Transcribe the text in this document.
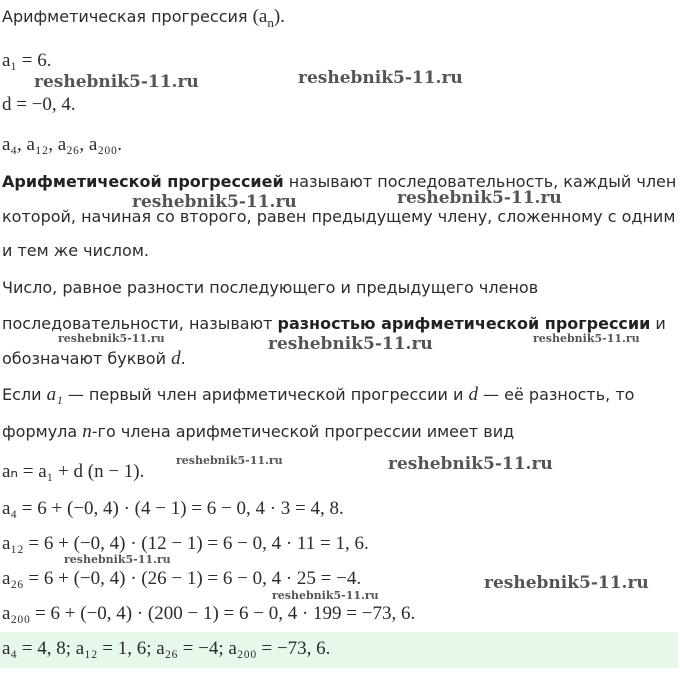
Арифметическая прогрессия $(a_n)$.
a₁ = 6.
d = −0, 4.
a₄, a₁₂, a₂₆, a₂₀₀.
Арифметической прогрессией называют последовательность, каждый член
которой, начиная со второго, равен предыдущему члену, сложенному с одним
и тем же числом.
Число, равное разности последующего и предыдущего членов
последовательности, называют разностью арифметической прогрессии и
обозначают буквой d.
Если a₁ — первый член арифметической прогрессии и d — её разность, то
формула n-го члена арифметической прогрессии имеет вид
aₙ = a₁ + d (n − 1).
a₄ = 6 + (−0, 4) · (4 − 1) = 6 − 0, 4 · 3 = 4, 8.
a₁₂ = 6 + (−0, 4) · (12 − 1) = 6 − 0, 4 · 11 = 1, 6.
a₂₆ = 6 + (−0, 4) · (26 − 1) = 6 − 0, 4 · 25 = −4.
a₂₀₀ = 6 + (−0, 4) · (200 − 1) = 6 − 0, 4 · 199 = −73, 6.
a₄ = 4, 8; a₁₂ = 1, 6; a₂₆ = −4; a₂₀₀ = −73, 6.
reshebnik5-11.ru	reshebnik5-11.ru
reshebnik5-11.ru	reshebnik5-11.ru
reshebnik5-11.ru	reshebnik5-11.ru	reshebnik5-11.ru
reshebnik5-11.ru	reshebnik5-11.ru
reshebnik5-11.ru
reshebnik5-11.ru
reshebnik5-11.ru
